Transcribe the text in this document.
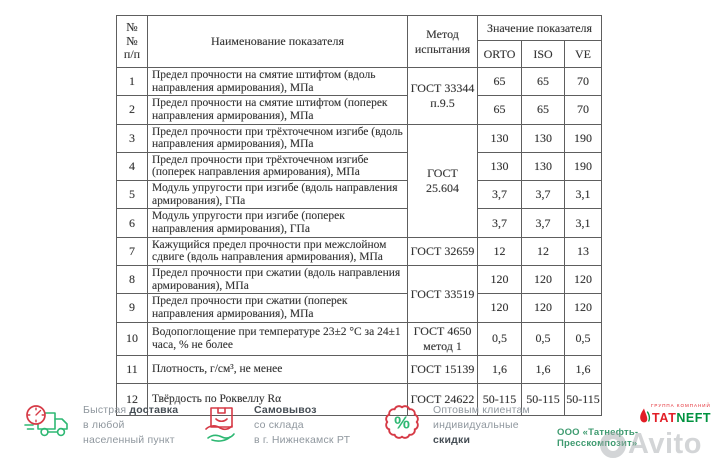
№
№
п/п	Наименование показателя	Метод испытания	Значение показателя		
			ORTO	ISO	VE
1	Предел прочности на смятие штифтом (вдоль направления армирования), МПа	ГОСТ 33344 п.9.5	65	65	70
2	Предел прочности на смятие штифтом (поперек направления армирования), МПа		65	65	70
3	Предел прочности при трёхточечном изгибе (вдоль направления армирования), МПа	ГОСТ 25.604	130	130	190
4	Предел прочности при трёхточечном изгибе (поперек направления армирования), МПа		130	130	190
5	Модуль упругости при изгибе (вдоль направления армирования), ГПа		3,7	3,7	3,1
6	Модуль упругости при изгибе (поперек направления армирования), ГПа		3,7	3,7	3,1
7	Кажущийся предел прочности при межслойном сдвиге (вдоль направления армирования), МПа	ГОСТ 32659	12	12	13
8	Предел прочности при сжатии (вдоль направления армирования), МПа	ГОСТ 33519	120	120	120
9	Предел прочности при сжатии (поперек направления армирования), МПа		120	120	120
10	Водопоглощение при температуре 23±2 °С за 24±1 часа, % не более	ГОСТ 4650 метод 1	0,5	0,5	0,5
11	Плотность, г/см³, не менее	ГОСТ 15139	1,6	1,6	1,6
12	Твёрдость по Роквеллу Rα	ГОСТ 24622	50-115	50-115	50-115
Быстрая доставка
в любой
населенный пункт
Самовывоз
со склада
в г. Нижнекамск РТ
%
Оптовым клиентам
индивидуальные
скидки
ГРУППА КОМПАНИЙ
ТАТNEFT
ООО «Татнефть-Пресскомпозит»
Avito
